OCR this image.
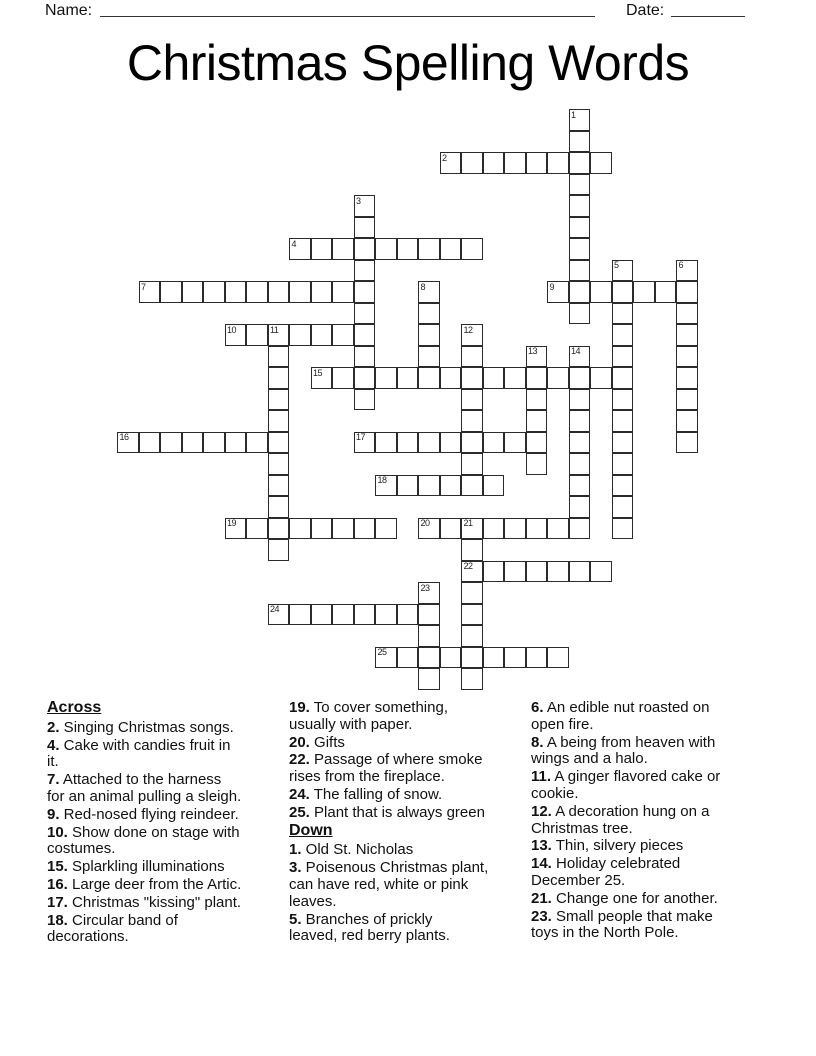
Name:	Date:
Christmas Spelling Words
1
2
3
4
5	6
7	8	9
10	11	12
13	14
15
16	17
18
19	20	21
22
23
24
25

Across

2. Singing Christmas songs.

4. Cake with candies fruit in
it.

7. Attached to the harness
for an animal pulling a sleigh.

9. Red-nosed flying reindeer.

10. Show done on stage with
costumes.

15. Splarkling illuminations

16. Large deer from the Artic.

17. Christmas "kissing" plant.

18. Circular band of
decorations.

19. To cover something,
usually with paper.

20. Gifts

22. Passage of where smoke
rises from the fireplace.

24. The falling of snow.

25. Plant that is always green

Down

1. Old St. Nicholas

3. Poisenous Christmas plant,
can have red, white or pink
leaves.

5. Branches of prickly
leaved, red berry plants.

6. An edible nut roasted on
open fire.

8. A being from heaven with
wings and a halo.

11. A ginger flavored cake or
cookie.

12. A decoration hung on a
Christmas tree.

13. Thin, silvery pieces

14. Holiday celebrated
December 25.

21. Change one for another.

23. Small people that make
toys in the North Pole.
